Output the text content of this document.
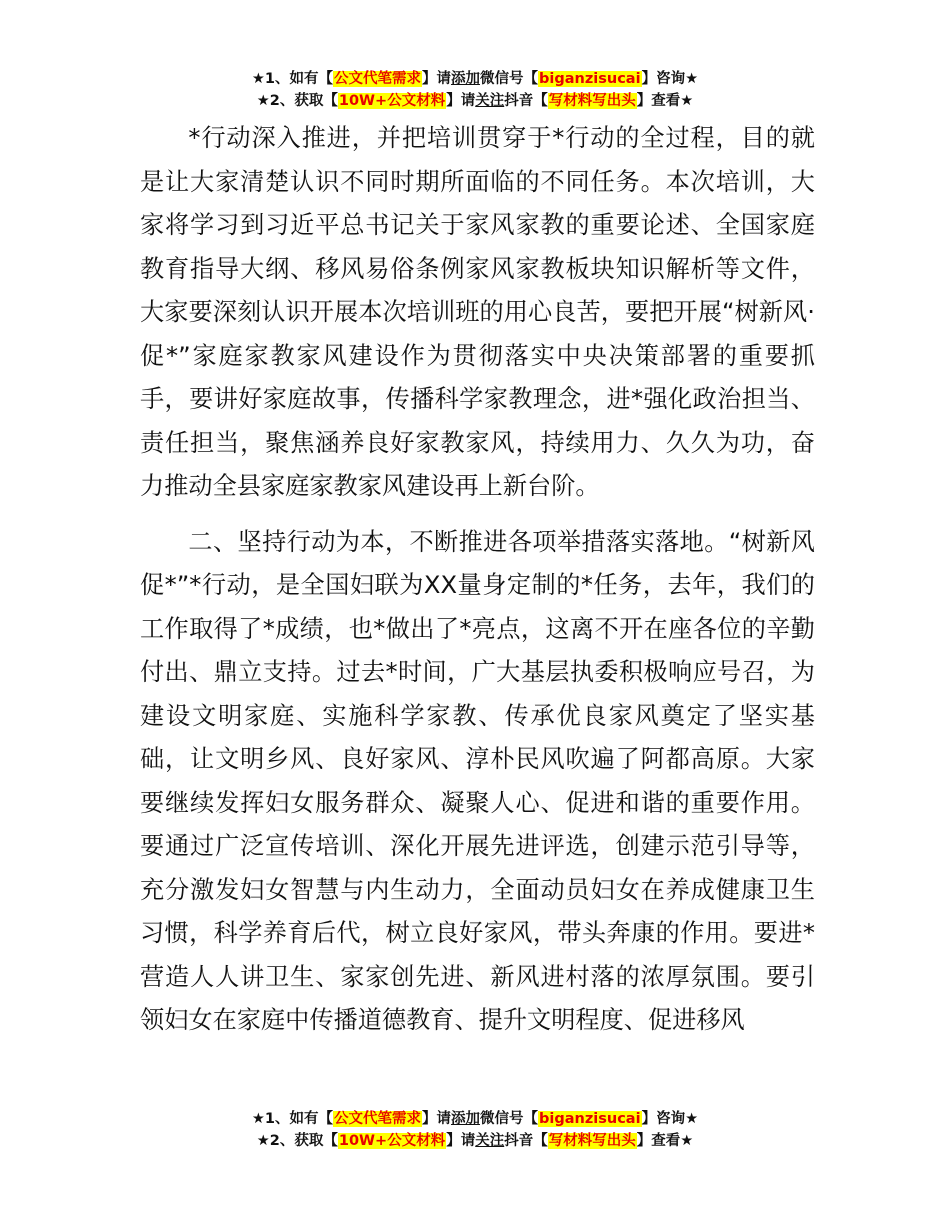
★1、如有【公文代笔需求】请添加微信号【biganzisucai】咨询★
★2、获取【10W+公文材料】请关注抖音【写材料写出头】查看★

*行动深入推进，并把培训贯穿于*行动的全过程，目的就是让大家清楚认识不同时期所面临的不同任务。本次培训，大家将学习到习近平总书记关于家风家教的重要论述、全国家庭教育指导大纲、移风易俗条例家风家教板块知识解析等文件，大家要深刻认识开展本次培训班的用心良苦，要把开展“树新风·促*”家庭家教家风建设作为贯彻落实中央决策部署的重要抓手，要讲好家庭故事，传播科学家教理念，进*强化政治担当、责任担当，聚焦涵养良好家教家风，持续用力、久久为功，奋力推动全县家庭家教家风建设再上新台阶。

二、坚持行动为本，不断推进各项举措落实落地。“树新风促*”*行动，是全国妇联为XX量身定制的*任务，去年，我们的工作取得了*成绩，也*做出了*亮点，这离不开在座各位的辛勤付出、鼎立支持。过去*时间，广大基层执委积极响应号召，为建设文明家庭、实施科学家教、传承优良家风奠定了坚实基础，让文明乡风、良好家风、淳朴民风吹遍了阿都高原。大家要继续发挥妇女服务群众、凝聚人心、促进和谐的重要作用。要通过广泛宣传培训、深化开展先进评选，创建示范引导等，充分激发妇女智慧与内生动力，全面动员妇女在养成健康卫生习惯，科学养育后代，树立良好家风，带头奔康的作用。要进*营造人人讲卫生、家家创先进、新风进村落的浓厚氛围。要引领妇女在家庭中传播道德教育、提升文明程度、促进移风

★1、如有【公文代笔需求】请添加微信号【biganzisucai】咨询★
★2、获取【10W+公文材料】请关注抖音【写材料写出头】查看★
